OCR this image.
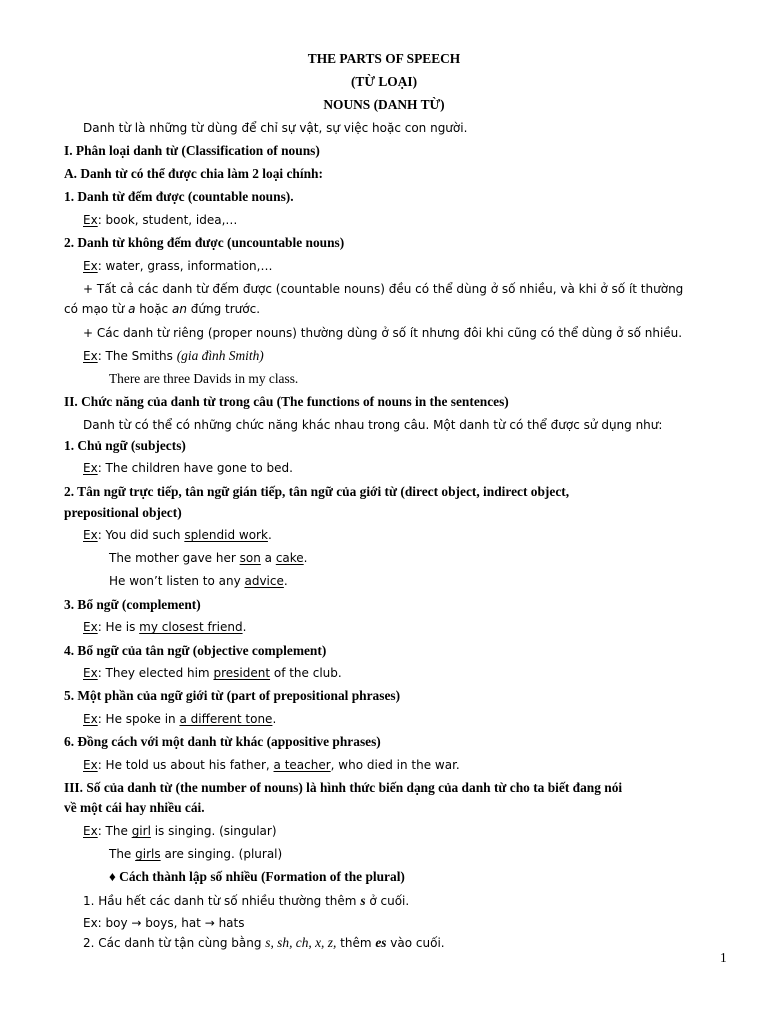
THE PARTS OF SPEECH
(TỪ LOẠI)
NOUNS (DANH TỪ)
Danh từ là những từ dùng để chỉ sự vật, sự việc hoặc con người.
I. Phân loại danh từ (Classification of nouns)
A. Danh từ có thể được chia làm 2 loại chính:
1. Danh từ đếm được (countable nouns).
Ex: book, student, idea,…
2. Danh từ không đếm được (uncountable nouns)
Ex: water, grass, information,…
+ Tất cả các danh từ đếm được (countable nouns) đều có thể dùng ở số nhiều, và khi ở số ít thường
có mạo từ a hoặc an đứng trước.
+ Các danh từ riêng (proper nouns) thường dùng ở số ít nhưng đôi khi cũng có thể dùng ở số nhiều.
Ex: The Smiths (gia đình Smith)
There are three Davids in my class.
II. Chức năng của danh từ trong câu (The functions of nouns in the sentences)
Danh từ có thể có những chức năng khác nhau trong câu. Một danh từ có thể được sử dụng như:
1. Chủ ngữ (subjects)
Ex: The children have gone to bed.
2. Tân ngữ trực tiếp, tân ngữ gián tiếp, tân ngữ của giới từ (direct object, indirect object,
prepositional object)
Ex: You did such splendid work.
The mother gave her son a cake.
He won’t listen to any advice.
3. Bổ ngữ (complement)
Ex: He is my closest friend.
4. Bổ ngữ của tân ngữ (objective complement)
Ex: They elected him president of the club.
5. Một phần của ngữ giới từ (part of prepositional phrases)
Ex: He spoke in a different tone.
6. Đồng cách với một danh từ khác (appositive phrases)
Ex: He told us about his father, a teacher, who died in the war.
III. Số của danh từ (the number of nouns) là hình thức biến dạng của danh từ cho ta biết đang nói
về một cái hay nhiều cái.
Ex: The girl is singing. (singular)
The girls are singing. (plural)
♦ Cách thành lập số nhiều (Formation of the plural)
1. Hầu hết các danh từ số nhiều thường thêm s ở cuối.
Ex: boy → boys, hat → hats
2. Các danh từ tận cùng bằng s, sh, ch, x, z, thêm es vào cuối.
1
